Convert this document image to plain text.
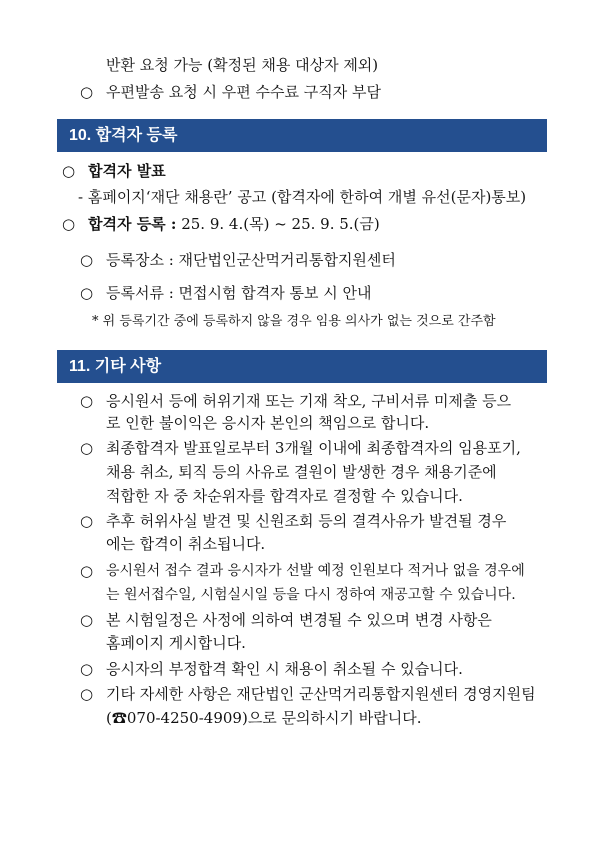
반환 요청 가능 (확정된 채용 대상자 제외)
○ 우편발송 요청 시 우편 수수료 구직자 부담
10. 합격자 등록
○ 합격자 발표
- 홈페이지‘재단 채용란’ 공고 (합격자에 한하여 개별 유선(문자)통보)
○ 합격자 등록 : 25. 9. 4.(목) ~ 25. 9. 5.(금)
○ 등록장소 : 재단법인군산먹거리통합지원센터
○ 등록서류 : 면접시험 합격자 통보 시 안내
* 위 등록기간 중에 등록하지 않을 경우 임용 의사가 없는 것으로 간주함
11. 기타 사항
○ 응시원서 등에 허위기재 또는 기재 착오, 구비서류 미제출 등으
로 인한 불이익은 응시자 본인의 책임으로 합니다.
○ 최종합격자 발표일로부터 3개월 이내에 최종합격자의 임용포기,
채용 취소, 퇴직 등의 사유로 결원이 발생한 경우 채용기준에
적합한 자 중 차순위자를 합격자로 결정할 수 있습니다.
○ 추후 허위사실 발견 및 신원조회 등의 결격사유가 발견될 경우
에는 합격이 취소됩니다.
○ 응시원서 접수 결과 응시자가 선발 예정 인원보다 적거나 없을 경우에
는 원서접수일, 시험실시일 등을 다시 정하여 재공고할 수 있습니다.
○ 본 시험일정은 사정에 의하여 변경될 수 있으며 변경 사항은
홈페이지 게시합니다.
○ 응시자의 부정합격 확인 시 채용이 취소될 수 있습니다.
○ 기타 자세한 사항은 재단법인 군산먹거리통합지원센터 경영지원팀
(☎070-4250-4909)으로 문의하시기 바랍니다.
